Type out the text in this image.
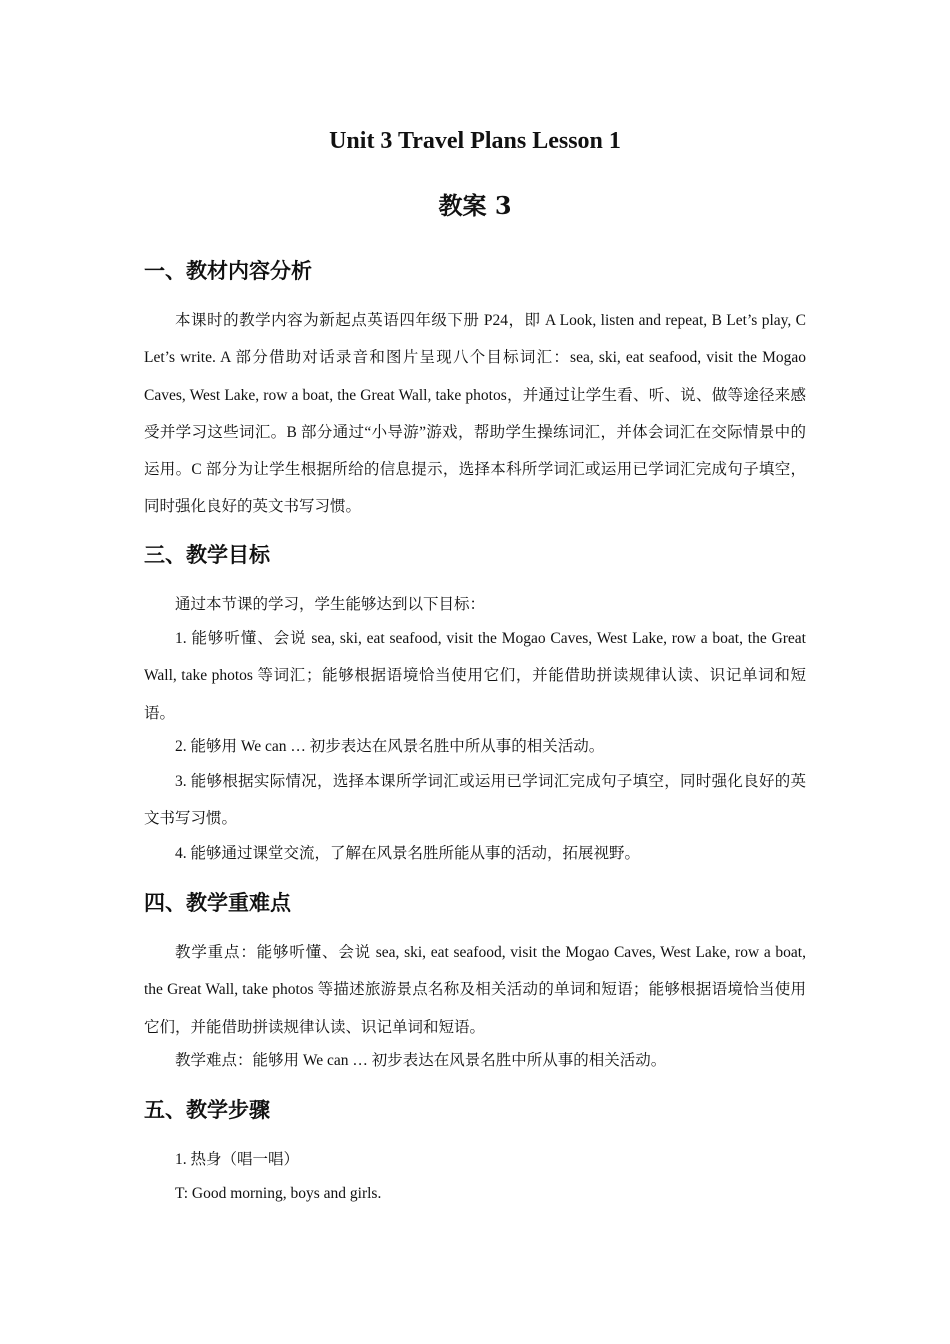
Unit 3 Travel Plans Lesson 1
教案 3
一、教材内容分析

本课时的教学内容为新起点英语四年级下册 P24，即 A Look, listen and repeat, B Let’s play, C Let’s write. A 部分借助对话录音和图片呈现八个目标词汇：sea, ski, eat seafood, visit the Mogao Caves, West Lake, row a boat, the Great Wall, take photos，并通过让学生看、听、说、做等途径来感受并学习这些词汇。B 部分通过“小导游”游戏，帮助学生操练词汇，并体会词汇在交际情景中的运用。C 部分为让学生根据所给的信息提示，选择本科所学词汇或运用已学词汇完成句子填空，同时强化良好的英文书写习惯。

三、教学目标

通过本节课的学习，学生能够达到以下目标：

1. 能够听懂、会说 sea, ski, eat seafood, visit the Mogao Caves, West Lake, row a boat, the Great Wall, take photos 等词汇；能够根据语境恰当使用它们，并能借助拼读规律认读、识记单词和短语。

2. 能够用 We can … 初步表达在风景名胜中所从事的相关活动。

3. 能够根据实际情况，选择本课所学词汇或运用已学词汇完成句子填空，同时强化良好的英文书写习惯。

4. 能够通过课堂交流，了解在风景名胜所能从事的活动，拓展视野。

四、教学重难点

教学重点：能够听懂、会说 sea, ski, eat seafood, visit the Mogao Caves, West Lake, row a boat, the Great Wall, take photos 等描述旅游景点名称及相关活动的单词和短语；能够根据语境恰当使用它们，并能借助拼读规律认读、识记单词和短语。

教学难点：能够用 We can … 初步表达在风景名胜中所从事的相关活动。

五、教学步骤

1. 热身（唱一唱）

T: Good morning, boys and girls.
